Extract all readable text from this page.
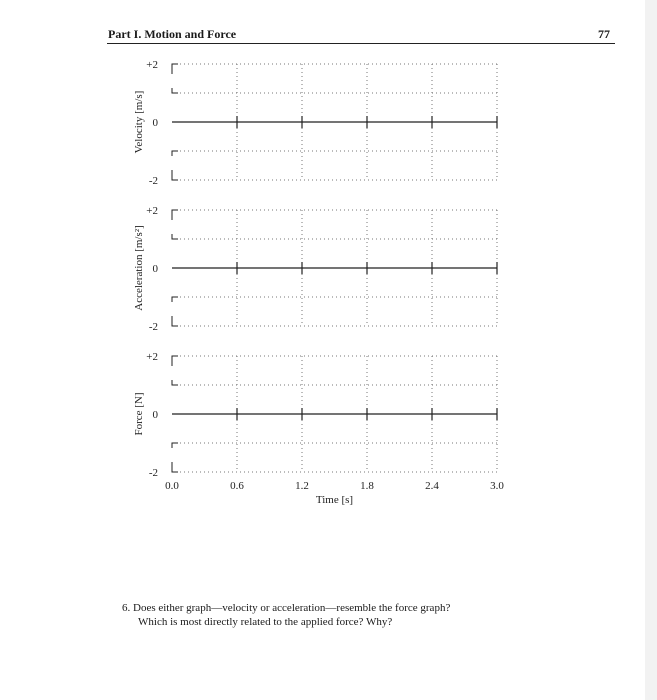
Part I. Motion and Force	77
+2
0
-2
Velocity [m/s]
+2
0
-2
Acceleration [m/s²]
+2
0
-2
Force [N]
0.0	0.6	1.2	1.8	2.4	3.0
Time [s]
6. Does either graph—velocity or acceleration—resemble the force graph?
Which is most directly related to the applied force? Why?
